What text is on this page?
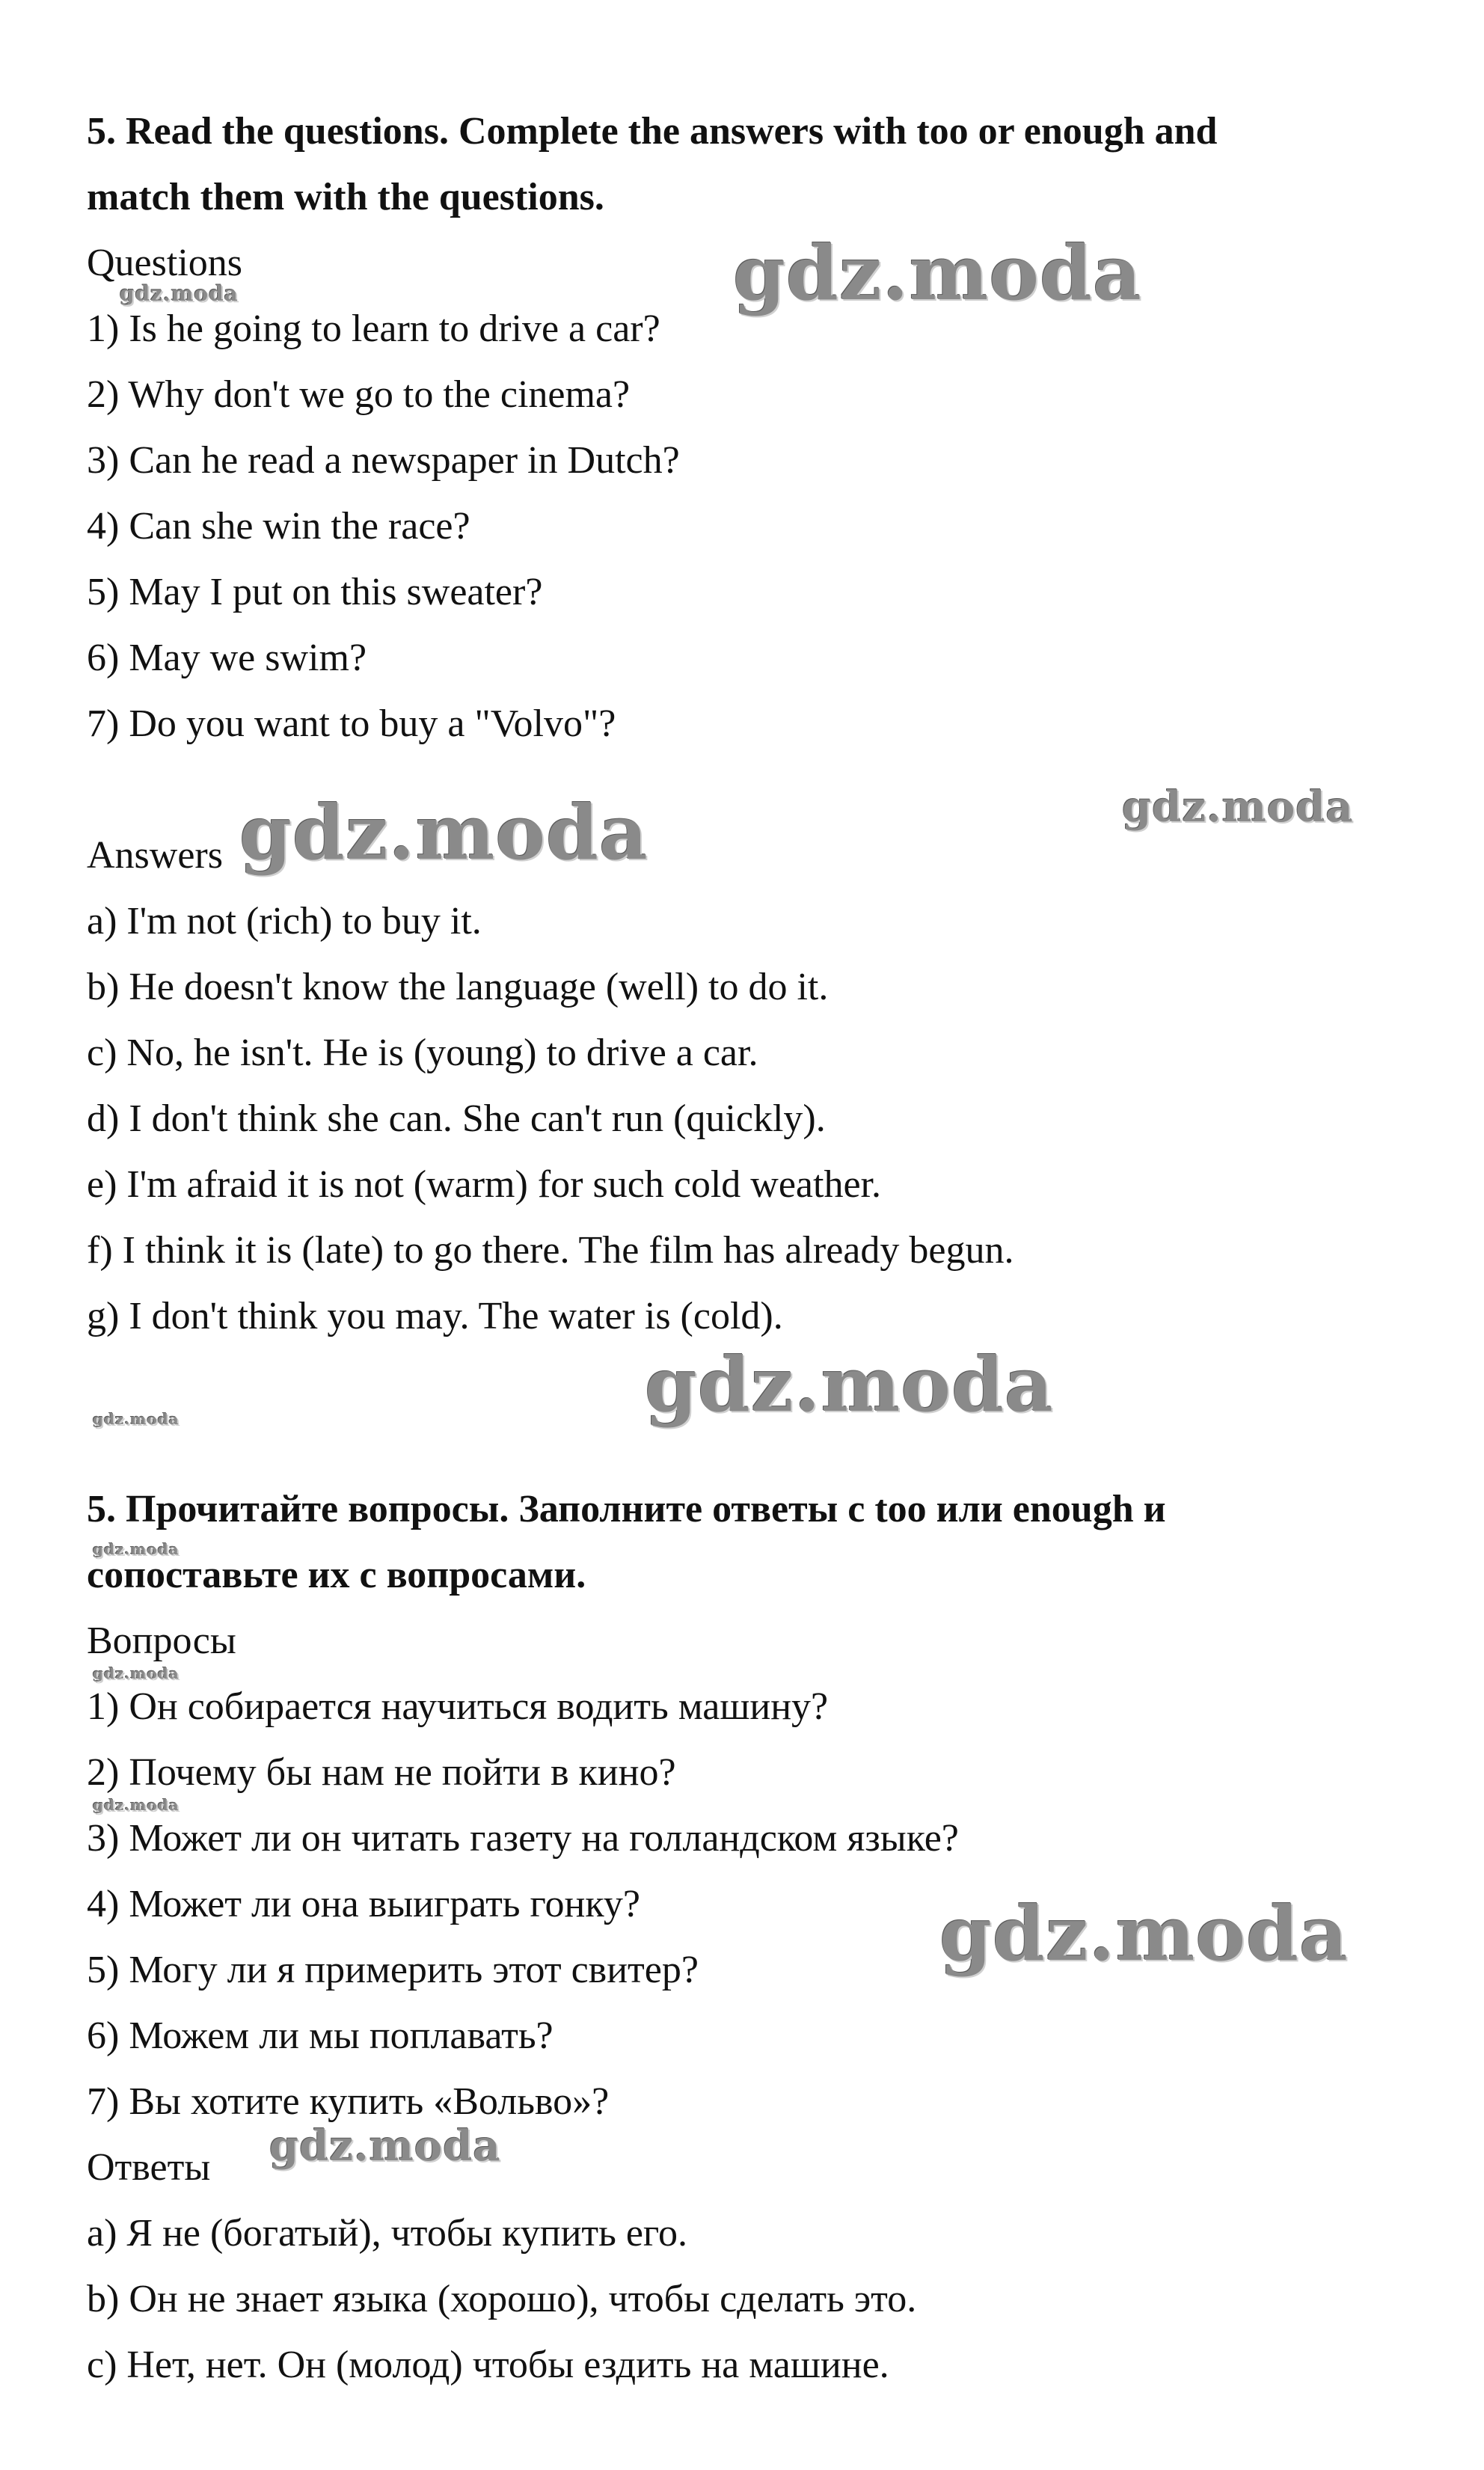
5. Read the questions. Complete the answers with too or enough and
match them with the questions.
Questions
1) Is he going to learn to drive a car?
2) Why don't we go to the cinema?
3) Can he read a newspaper in Dutch?
4) Can she win the race?
5) May I put on this sweater?
6) May we swim?
7) Do you want to buy a "Volvo"?
Answers
a) I'm not (rich) to buy it.
b) He doesn't know the language (well) to do it.
c) No, he isn't. He is (young) to drive a car.
d) I don't think she can. She can't run (quickly).
e) I'm afraid it is not (warm) for such cold weather.
f) I think it is (late) to go there. The film has already begun.
g) I don't think you may. The water is (cold).
5. Прочитайте вопросы. Заполните ответы с too или enough и
сопоставьте их с вопросами.
Вопросы
1) Он собирается научиться водить машину?
2) Почему бы нам не пойти в кино?
3) Может ли он читать газету на голландском языке?
4) Может ли она выиграть гонку?
5) Могу ли я примерить этот свитер?
6) Можем ли мы поплавать?
7) Вы хотите купить «Вольво»?
Ответы
a) Я не (богатый), чтобы купить его.
b) Он не знает языка (хорошо), чтобы сделать это.
c) Нет, нет. Он (молод) чтобы ездить на машине.
gdz.moda
gdz.moda
gdz.moda	gdz.moda
gdz.moda
gdz.moda
gdz.moda
gdz.moda
gdz.moda
gdz.moda
gdz.moda
